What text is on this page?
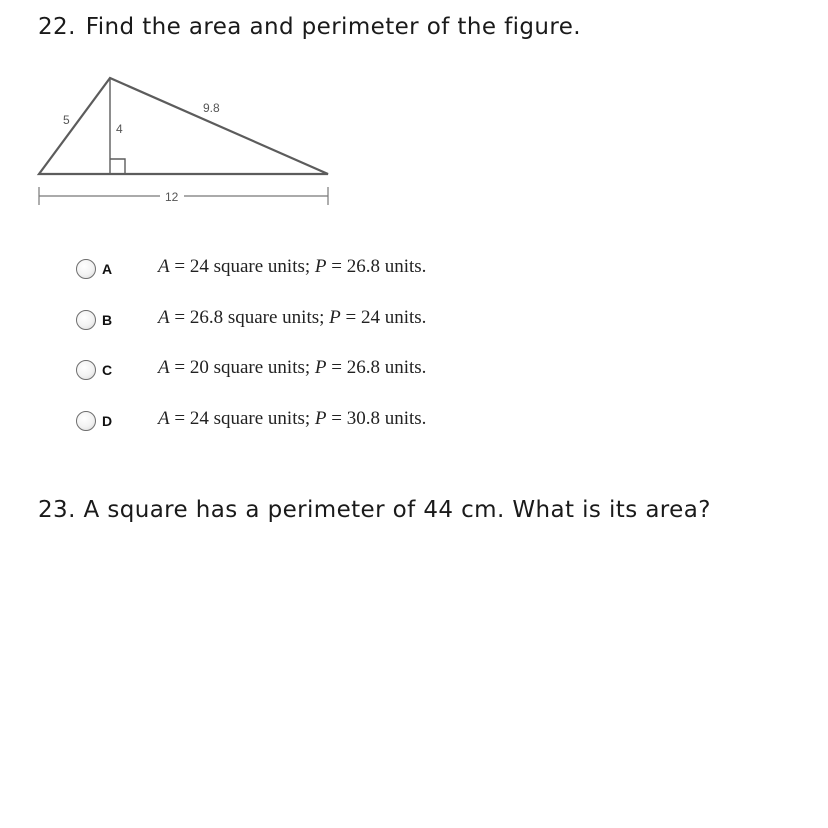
22. Find the area and perimeter of the figure.
5
4
9.8
12
A A = 24 square units; P = 26.8 units.
B A = 26.8 square units; P = 24 units.
C A = 20 square units; P = 26.8 units.
D A = 24 square units; P = 30.8 units.
23. A square has a perimeter of 44 cm. What is its area?
